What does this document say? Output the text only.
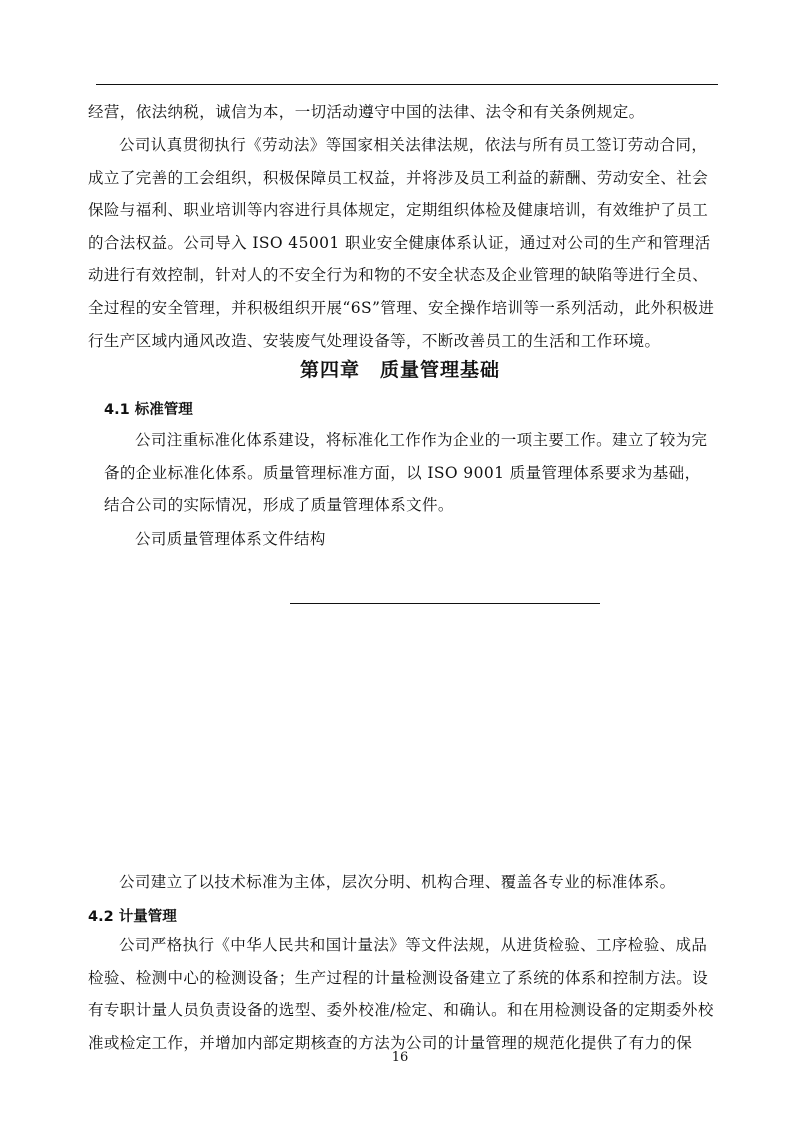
经营，依法纳税，诚信为本，一切活动遵守中国的法律、法令和有关条例规定。

公司认真贯彻执行《劳动法》等国家相关法律法规，依法与所有员工签订劳动合同，成立了完善的工会组织，积极保障员工权益，并将涉及员工利益的薪酬、劳动安全、社会保险与福利、职业培训等内容进行具体规定，定期组织体检及健康培训，有效维护了员工的合法权益。公司导入 ISO 45001 职业安全健康体系认证，通过对公司的生产和管理活动进行有效控制，针对人的不安全行为和物的不安全状态及企业管理的缺陷等进行全员、全过程的安全管理，并积极组织开展“6S”管理、安全操作培训等一系列活动，此外积极进行生产区域内通风改造、安装废气处理设备等，不断改善员工的生活和工作环境。

第四章　质量管理基础
4.1 标准管理

公司注重标准化体系建设，将标准化工作作为企业的一项主要工作。建立了较为完备的企业标准化体系。质量管理标准方面，以 ISO 9001 质量管理体系要求为基础，结合公司的实际情况，形成了质量管理体系文件。

公司质量管理体系文件结构

公司建立了以技术标准为主体，层次分明、机构合理、覆盖各专业的标准体系。

4.2 计量管理

公司严格执行《中华人民共和国计量法》等文件法规，从进货检验、工序检验、成品检验、检测中心的检测设备；生产过程的计量检测设备建立了系统的体系和控制方法。设有专职计量人员负责设备的选型、委外校准/检定、和确认。和在用检测设备的定期委外校准或检定工作，并增加内部定期核查的方法为公司的计量管理的规范化提供了有力的保

16
